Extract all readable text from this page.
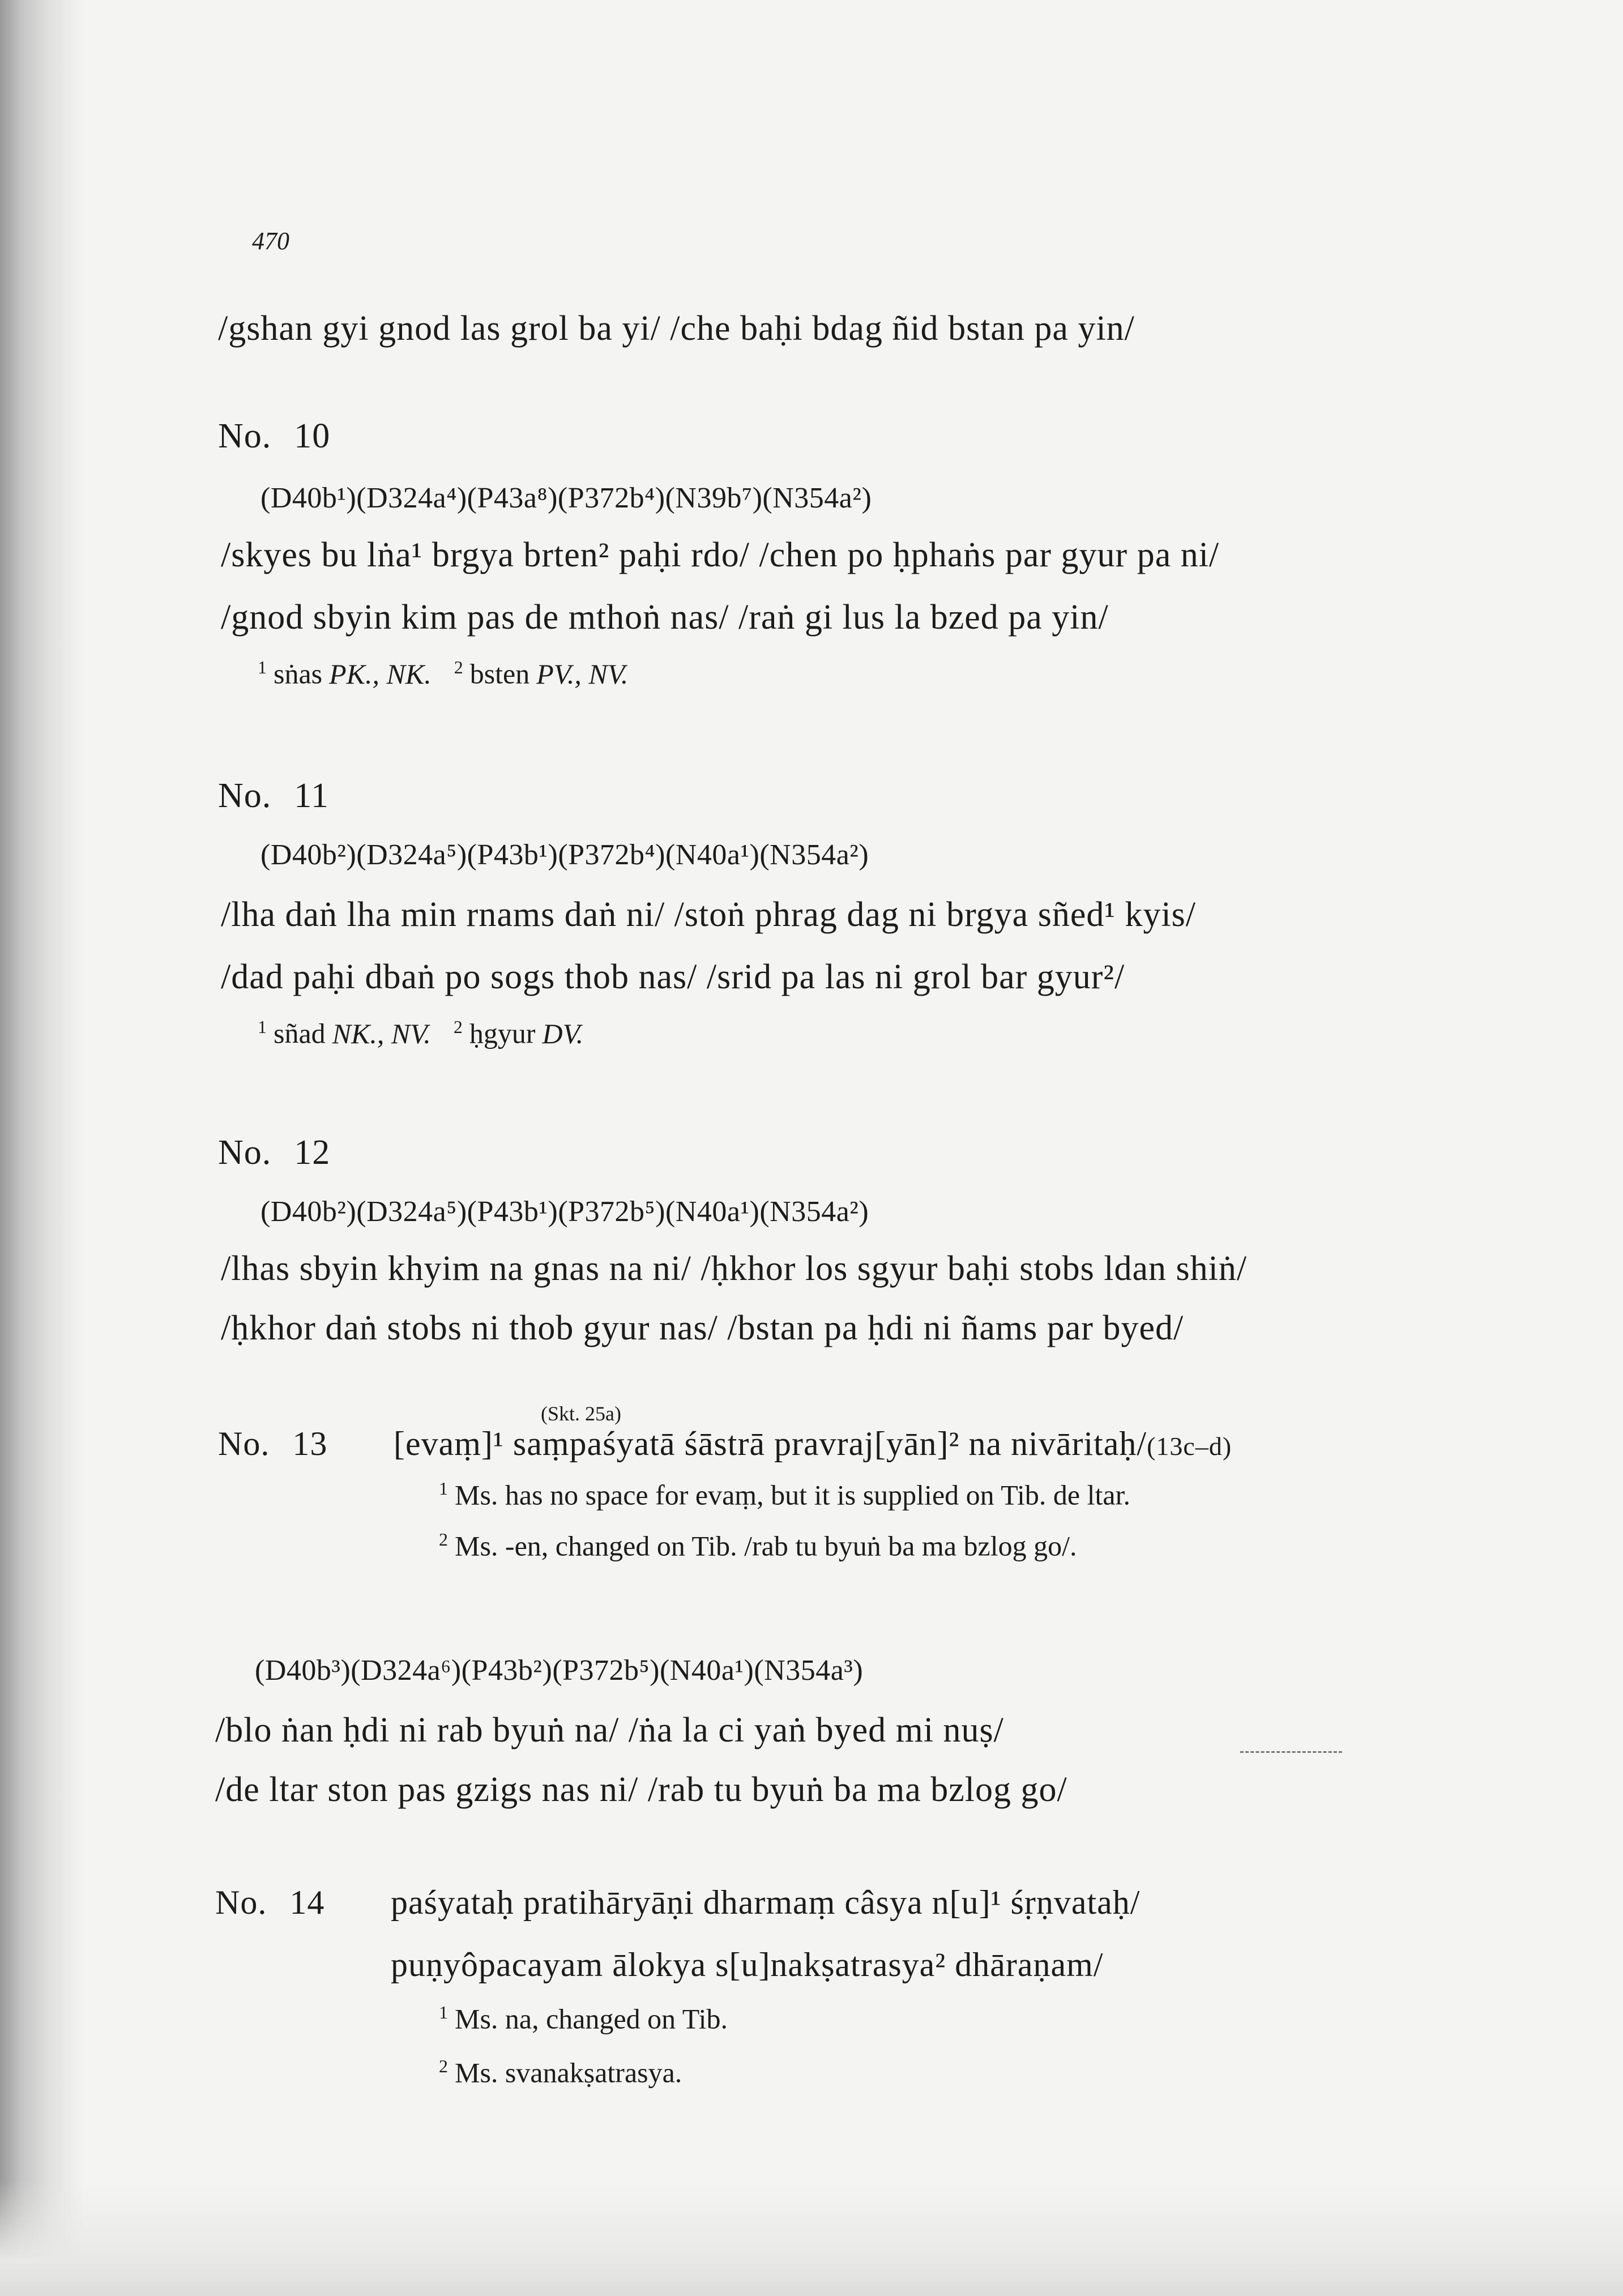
470

/gshan gyi gnod las grol ba yi/ /che baḥi bdag ñid bstan pa yin/

No. 10

(D40b¹)(D324a⁴)(P43a⁸)(P372b⁴)(N39b⁷)(N354a²)

/skyes bu lṅa¹ brgya brten² paḥi rdo/ /chen po ḥphaṅs par gyur pa ni/

/gnod sbyin kim pas de mthoṅ nas/ /raṅ gi lus la bzed pa yin/

$^1$ sṅas PK., NK. $^2$ bsten PV., NV.

No. 11

(D40b²)(D324a⁵)(P43b¹)(P372b⁴)(N40a¹)(N354a²)

/lha daṅ lha min rnams daṅ ni/ /stoṅ phrag dag ni brgya sñed¹ kyis/

/dad paḥi dbaṅ po sogs thob nas/ /srid pa las ni grol bar gyur²/

$^1$ sñad NK., NV. $^2$ ḥgyur DV.

No. 12

(D40b²)(D324a⁵)(P43b¹)(P372b⁵)(N40a¹)(N354a²)

/lhas sbyin khyim na gnas na ni/ /ḥkhor los sgyur baḥi stobs ldan shiṅ/

/ḥkhor daṅ stobs ni thob gyur nas/ /bstan pa ḥdi ni ñams par byed/

(Skt. 25a)

No. 13 [evaṃ]¹ saṃpaśyatā śāstrā pravraj[yān]² na nivāritaḥ/(13c–d)

$^1$ Ms. has no space for evaṃ, but it is supplied on Tib. de ltar.

$^2$ Ms. -en, changed on Tib. /rab tu byuṅ ba ma bzlog go/.

(D40b³)(D324a⁶)(P43b²)(P372b⁵)(N40a¹)(N354a³)

/blo ṅan ḥdi ni rab byuṅ na/ /ṅa la ci yaṅ byed mi nuṣ/

/de ltar ston pas gzigs nas ni/ /rab tu byuṅ ba ma bzlog go/

No. 14 paśyataḥ pratihāryāṇi dharmaṃ câsya n[u]¹ śṛṇvataḥ/

puṇyôpacayam ālokya s[u]nakṣatrasya² dhāraṇam/

$^1$ Ms. na, changed on Tib.

$^2$ Ms. svanakṣatrasya.
